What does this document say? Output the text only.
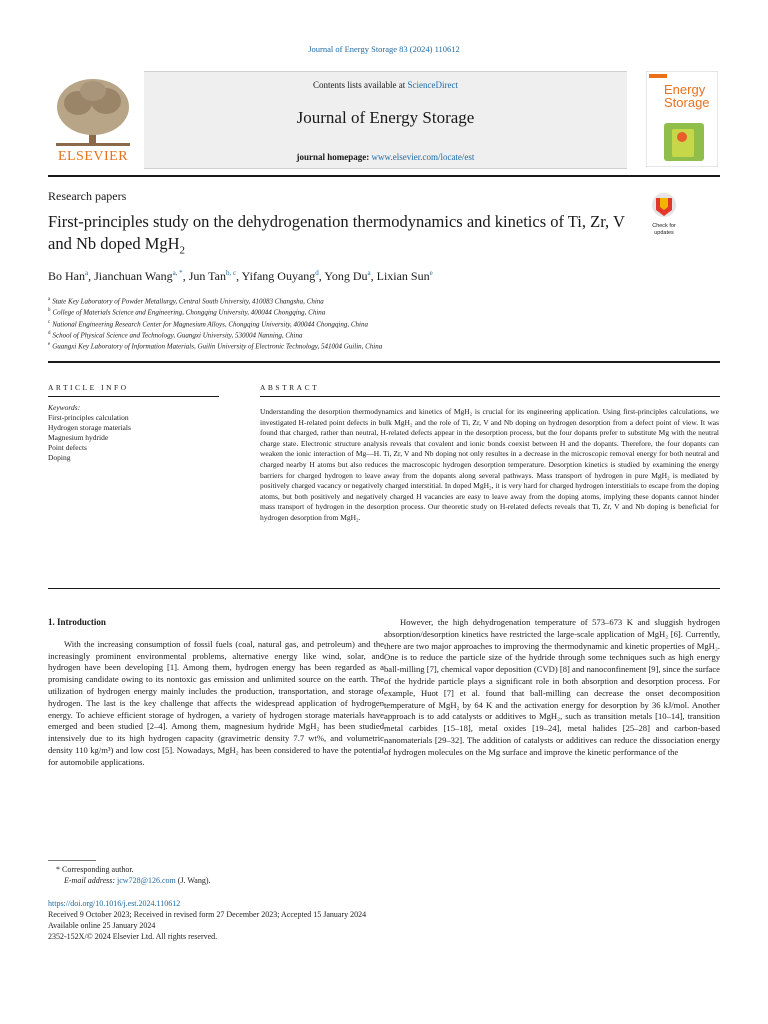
Journal of Energy Storage 83 (2024) 110612
ELSEVIER
Contents lists available at ScienceDirect
Journal of Energy Storage
journal homepage: www.elsevier.com/locate/est
Energy
Storage
Research papers
First-principles study on the dehydrogenation thermodynamics and kinetics of Ti, Zr, V and Nb doped MgH$_2$
Check for
updates
Bo Han$^a$, Jianchuan Wang$^{a, *}$, Jun Tan$^{b, c}$, Yifang Ouyang$^d$, Yong Du$^a$, Lixian Sun$^e$
$^a$ State Key Laboratory of Powder Metallurgy, Central South University, 410083 Changsha, China
$^b$ College of Materials Science and Engineering, Chongqing University, 400044 Chongqing, China
$^c$ National Engineering Research Center for Magnesium Alloys, Chongqing University, 400044 Chongqing, China
$^d$ School of Physical Science and Technology, Guangxi University, 530004 Nanning, China
$^e$ Guangxi Key Laboratory of Information Materials, Guilin University of Electronic Technology, 541004 Guilin, China
ARTICLE INFO	ABSTRACT
Keywords:
First-principles calculation
Hydrogen storage materials
Magnesium hydride
Point defects
Doping
Understanding the desorption thermodynamics and kinetics of MgH₂ is crucial for its engineering application. Using first-principles calculations, we investigated H-related point defects in bulk MgH₂ and the role of Ti, Zr, V and Nb doping on hydrogen desorption from a defect point of view. It was found that charged, rather than neutral, H-related defects appear in the desorption process, but the four dopants prefer to substitute Mg with the neutral charge state. Electronic structure analysis reveals that covalent and ionic bonds coexist between H and the dopants. Therefore, the four dopants can weaken the ionic interaction of Mg—H. Ti, Zr, V and Nb doping not only resultes in a decrease in the microscopic removal energy for both neutral and charged nearby H atoms but also reduces the macroscopic hydrogen desorption temperature. Desorption kinetics is studied by examining the energy barriers for charged hydrogen to leave away from the dopants along several pathways. Mass transport of hydrogen in pure MgH₂ is mediated by positively charged vacancy or negatively charged interstitial. In doped MgH₂, it is very hard for charged hydrogen interstitials to escape from the doping atoms, but both positively and negatively charged H vacancies are easy to leave away from the doping atoms, implying these dopants cannot hinder mass transport of hydrogen in the desorption process. Our theoretic study on H-related defects reveals that Ti, Zr, V and Nb doping is beneficial for hydrogen desorption from MgH₂.
1. Introduction

With the increasing consumption of fossil fuels (coal, natural gas, and petroleum) and the increasingly prominent environmental problems, alternative energy like wind, solar, and hydrogen have been developing [1]. Among them, hydrogen energy has been regarded as a promising candidate owing to its nontoxic gas emission and unlimited source on the earth. The utilization of hydrogen energy mainly includes the production, transportation, and storage of hydrogen. The last is the key challenge that affects the widespread application of hydrogen energy. To achieve efficient storage of hydrogen, a variety of hydrogen storage materials have emerged and been studied [2–4]. Among them, magnesium hydride MgH₂ has been studied intensively due to its high hydrogen capacity (gravimetric density 7.7 wt%, and volumetric density 110 kg/m³) and low cost [5]. Nowadays, MgH₂ has been considered to have the potential for automobile applications.

However, the high dehydrogenation temperature of 573–673 K and sluggish hydrogen absorption/desorption kinetics have restricted the large-scale application of MgH₂ [6]. Currently, there are two major approaches to improving the thermodynamic and kinetic properties of MgH₂. One is to reduce the particle size of the hydride through some techniques such as high energy ball-milling [7], chemical vapor deposition (CVD) [8] and nanoconfinement [9], since the surface of the hydride particle plays a significant role in both absorption and desorption process. For example, Huot [7] et al. found that ball-milling can decrease the onset decomposition temperature of MgH₂ by 64 K and the activation energy for desorption by 36 kJ/mol. Another approach is to add catalysts or additives to MgH₂, such as transition metals [10–14], transition metal carbides [15–18], metal oxides [19–24], metal halides [25–28] and carbon-based nanomaterials [29–32]. The addition of catalysts or additives can reduce the dissociation energy of hydrogen molecules on the Mg surface and improve the kinetic performance of the

* Corresponding author.
E-mail address: jcw728@126.com (J. Wang).
https://doi.org/10.1016/j.est.2024.110612
Received 9 October 2023; Received in revised form 27 December 2023; Accepted 15 January 2024
Available online 25 January 2024
2352-152X/© 2024 Elsevier Ltd. All rights reserved.
